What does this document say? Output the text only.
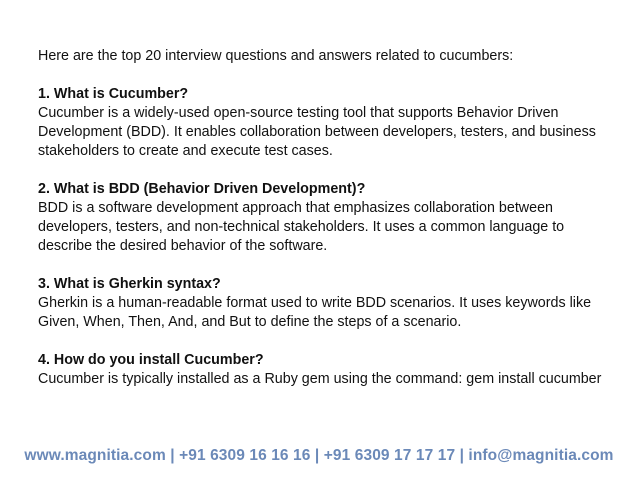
Here are the top 20 interview questions and answers related to cucumbers:

1. What is Cucumber?

Cucumber is a widely-used open-source testing tool that supports Behavior Driven Development (BDD). It enables collaboration between developers, testers, and business stakeholders to create and execute test cases.

2. What is BDD (Behavior Driven Development)?

BDD is a software development approach that emphasizes collaboration between developers, testers, and non-technical stakeholders. It uses a common language to describe the desired behavior of the software.

3. What is Gherkin syntax?

Gherkin is a human-readable format used to write BDD scenarios. It uses keywords like Given, When, Then, And, and But to define the steps of a scenario.

4. How do you install Cucumber?

Cucumber is typically installed as a Ruby gem using the command: gem install cucumber

www.magnitia.com | +91 6309 16 16 16 | +91 6309 17 17 17 | info@magnitia.com
